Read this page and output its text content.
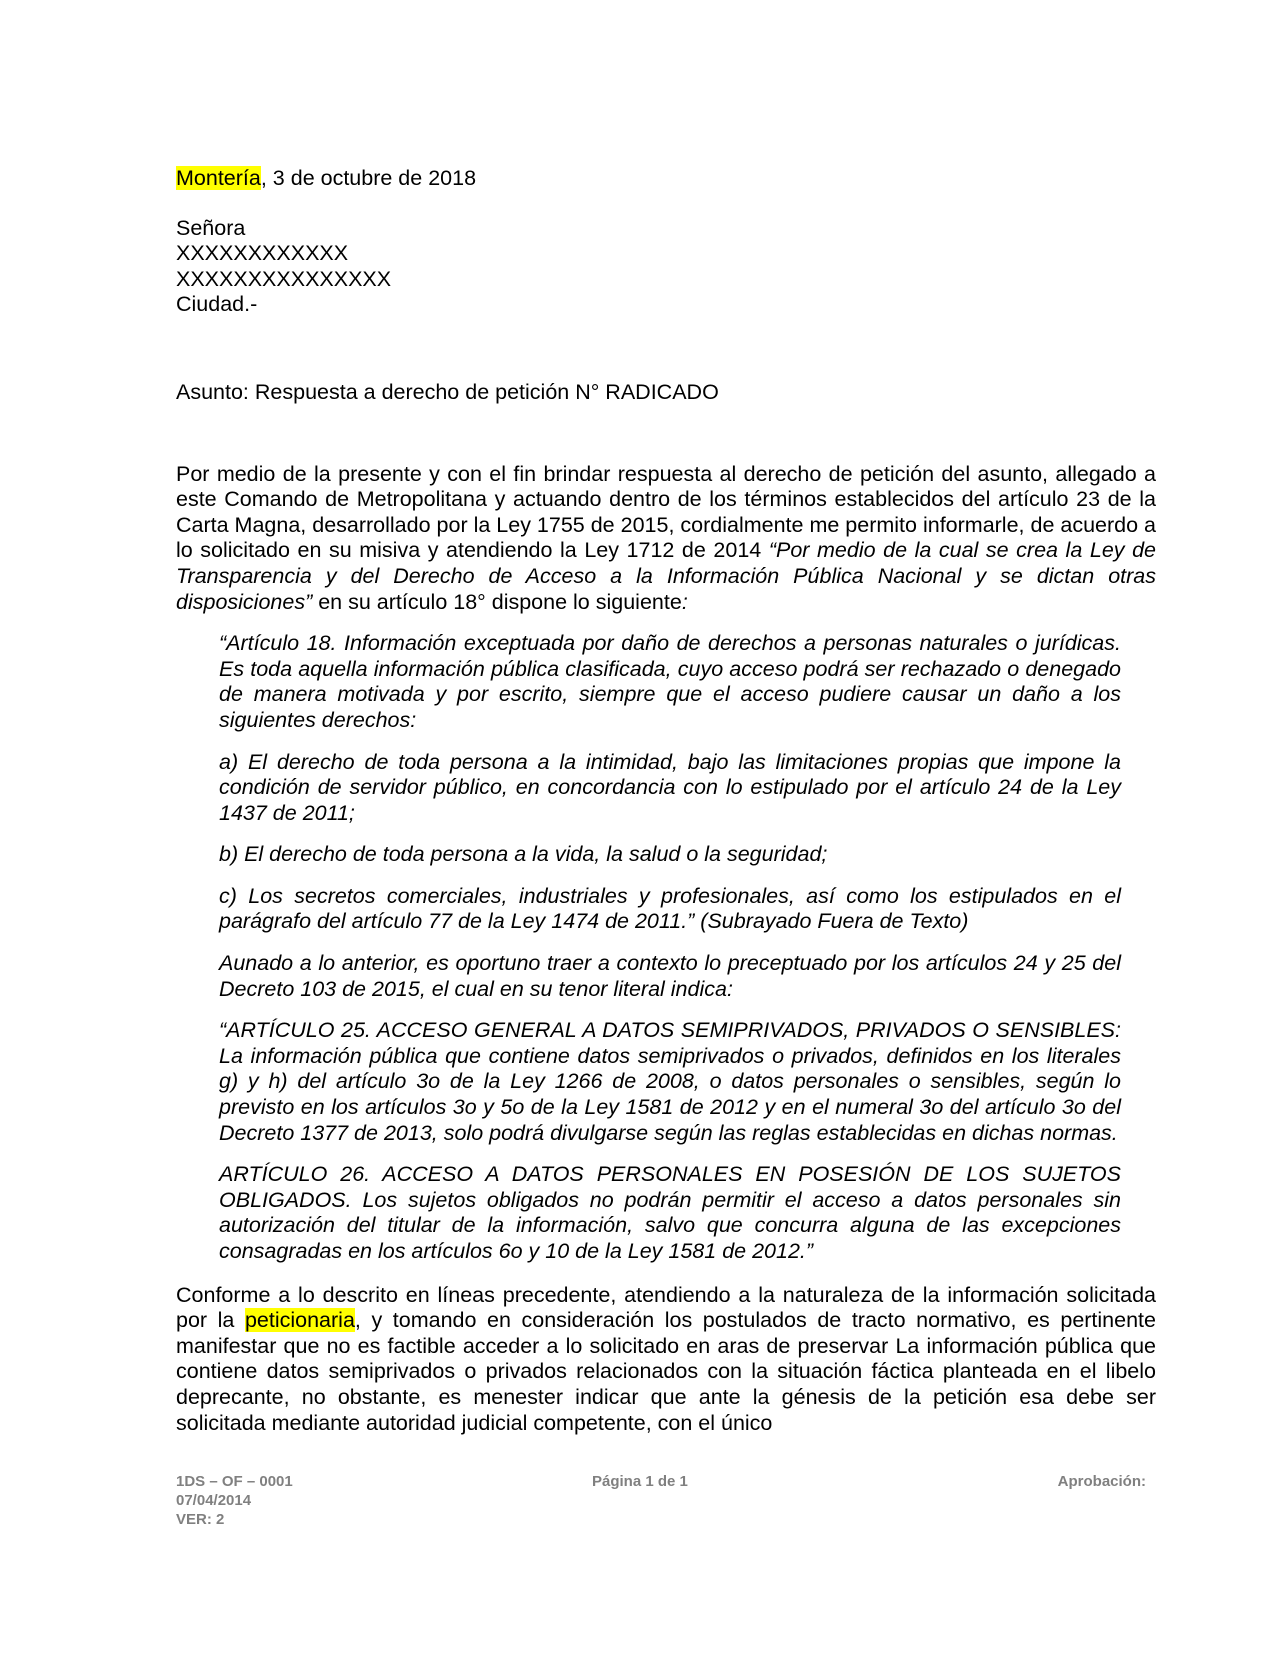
Montería, 3 de octubre de 2018

Señora

XXXXXXXXXXXX

XXXXXXXXXXXXXXX

Ciudad.-

Asunto: Respuesta a derecho de petición N° RADICADO

Por medio de la presente y con el fin brindar respuesta al derecho de petición del asunto, allegado a este Comando de Metropolitana y actuando dentro de los términos establecidos del artículo 23 de la Carta Magna, desarrollado por la Ley 1755 de 2015, cordialmente me permito informarle, de acuerdo a lo solicitado en su misiva y atendiendo la Ley 1712 de 2014 “Por medio de la cual se crea la Ley de Transparencia y del Derecho de Acceso a la Información Pública Nacional y se dictan otras disposiciones” en su artículo 18° dispone lo siguiente:

“Artículo 18. Información exceptuada por daño de derechos a personas naturales o jurídicas. Es toda aquella información pública clasificada, cuyo acceso podrá ser rechazado o denegado de manera motivada y por escrito, siempre que el acceso pudiere causar un daño a los siguientes derechos:

a) El derecho de toda persona a la intimidad, bajo las limitaciones propias que impone la condición de servidor público, en concordancia con lo estipulado por el artículo 24 de la Ley 1437 de 2011;

b) El derecho de toda persona a la vida, la salud o la seguridad;

c) Los secretos comerciales, industriales y profesionales, así como los estipulados en el parágrafo del artículo 77 de la Ley 1474 de 2011.” (Subrayado Fuera de Texto)

Aunado a lo anterior, es oportuno traer a contexto lo preceptuado por los artículos 24 y 25 del Decreto 103 de 2015, el cual en su tenor literal indica:

“ARTÍCULO 25. ACCESO GENERAL A DATOS SEMIPRIVADOS, PRIVADOS O SENSIBLES: La información pública que contiene datos semiprivados o privados, definidos en los literales g) y h) del artículo 3o de la Ley 1266 de 2008, o datos personales o sensibles, según lo previsto en los artículos 3o y 5o de la Ley 1581 de 2012 y en el numeral 3o del artículo 3o del Decreto 1377 de 2013, solo podrá divulgarse según las reglas establecidas en dichas normas.

ARTÍCULO 26. ACCESO A DATOS PERSONALES EN POSESIÓN DE LOS SUJETOS OBLIGADOS. Los sujetos obligados no podrán permitir el acceso a datos personales sin autorización del titular de la información, salvo que concurra alguna de las excepciones consagradas en los artículos 6o y 10 de la Ley 1581 de 2012.”

Conforme a lo descrito en líneas precedente, atendiendo a la naturaleza de la información solicitada por la peticionaria, y tomando en consideración los postulados de tracto normativo, es pertinente manifestar que no es factible acceder a lo solicitado en aras de preservar La información pública que contiene datos semiprivados o privados relacionados con la situación fáctica planteada en el libelo deprecante, no obstante, es menester indicar que ante la génesis de la petición esa debe ser solicitada mediante autoridad judicial competente, con el único

1DS – OF – 0001
07/04/2014
VER: 2
Página 1 de 1	Aprobación:
